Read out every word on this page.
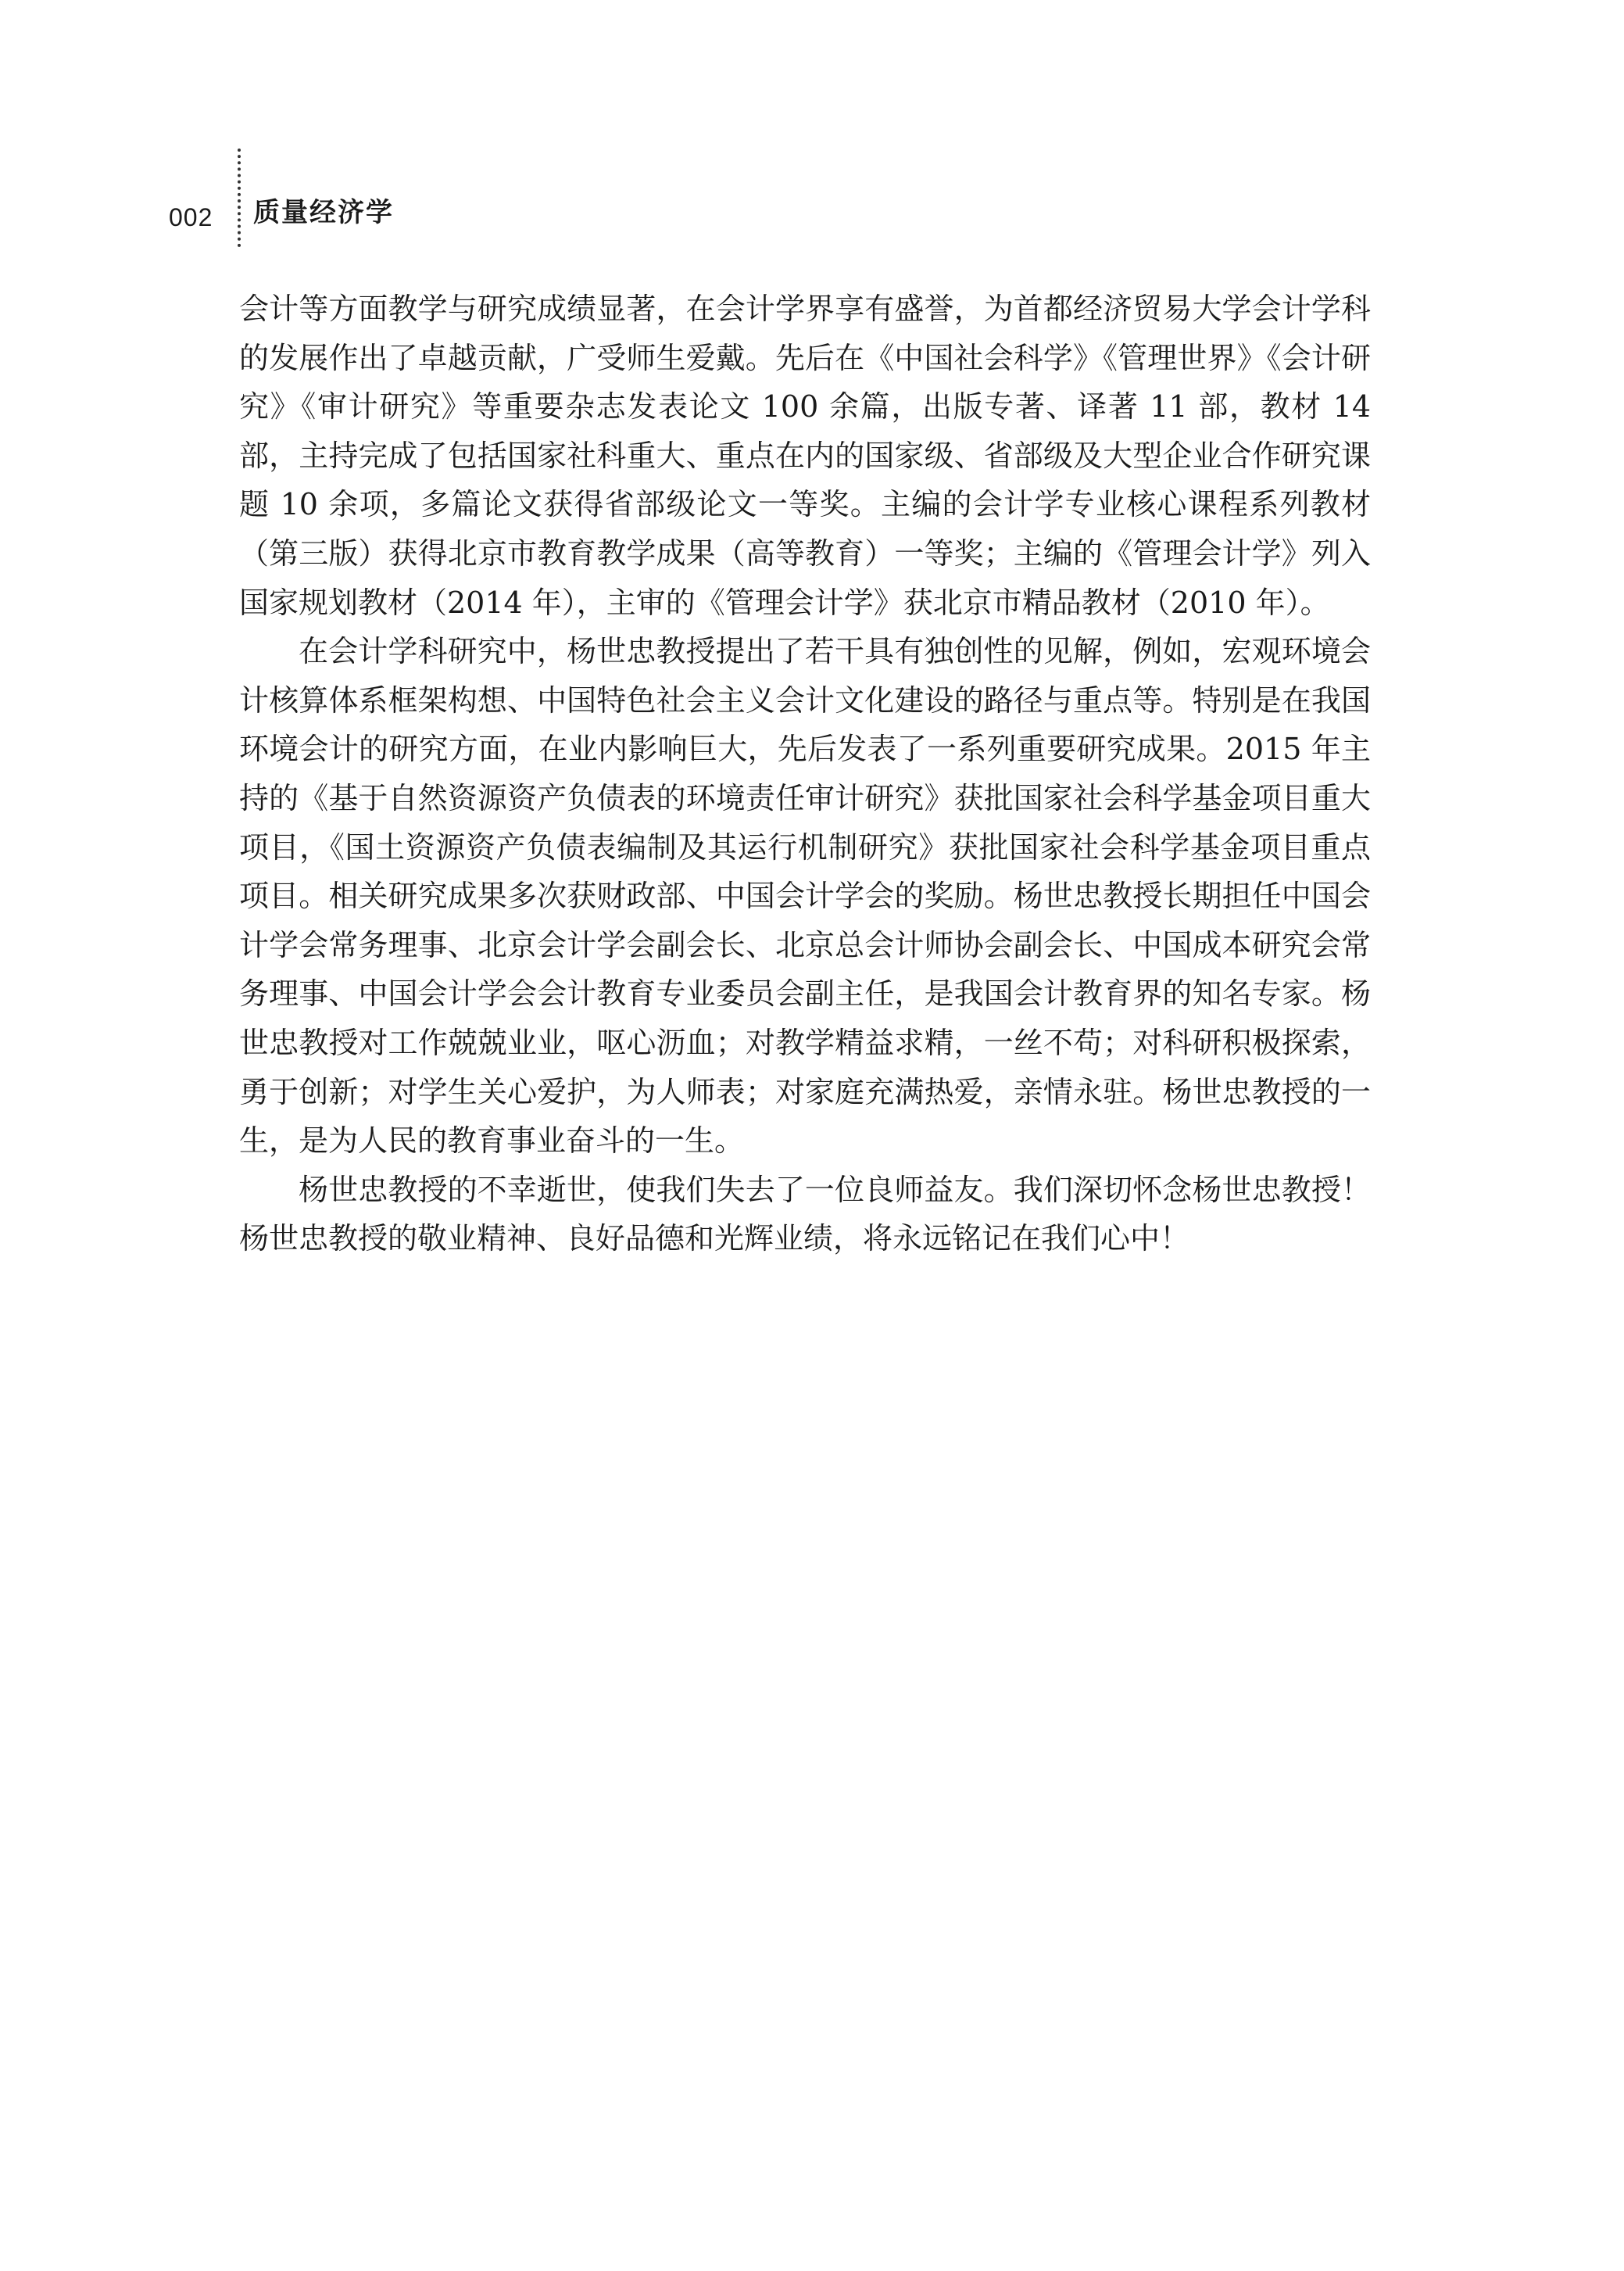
002	质量经济学

会计等方面教学与研究成绩显著，在会计学界享有盛誉，为首都经济贸易大学会计学科的发展作出了卓越贡献，广受师生爱戴。先后在《中国社会科学》《管理世界》《会计研究》《审计研究》等重要杂志发表论文 100 余篇，出版专著、译著 11 部，教材 14 部，主持完成了包括国家社科重大、重点在内的国家级、省部级及大型企业合作研究课题 10 余项，多篇论文获得省部级论文一等奖。主编的会计学专业核心课程系列教材（第三版）获得北京市教育教学成果（高等教育）一等奖；主编的《管理会计学》列入国家规划教材（2014 年），主审的《管理会计学》获北京市精品教材（2010 年）。

在会计学科研究中，杨世忠教授提出了若干具有独创性的见解，例如，宏观环境会计核算体系框架构想、中国特色社会主义会计文化建设的路径与重点等。特别是在我国环境会计的研究方面，在业内影响巨大，先后发表了一系列重要研究成果。2015 年主持的《基于自然资源资产负债表的环境责任审计研究》获批国家社会科学基金项目重大项目，《国土资源资产负债表编制及其运行机制研究》获批国家社会科学基金项目重点项目。相关研究成果多次获财政部、中国会计学会的奖励。杨世忠教授长期担任中国会计学会常务理事、北京会计学会副会长、北京总会计师协会副会长、中国成本研究会常务理事、中国会计学会会计教育专业委员会副主任，是我国会计教育界的知名专家。杨世忠教授对工作兢兢业业，呕心沥血；对教学精益求精，一丝不苟；对科研积极探索，勇于创新；对学生关心爱护，为人师表；对家庭充满热爱，亲情永驻。杨世忠教授的一生，是为人民的教育事业奋斗的一生。

杨世忠教授的不幸逝世，使我们失去了一位良师益友。我们深切怀念杨世忠教授！杨世忠教授的敬业精神、良好品德和光辉业绩，将永远铭记在我们心中！
